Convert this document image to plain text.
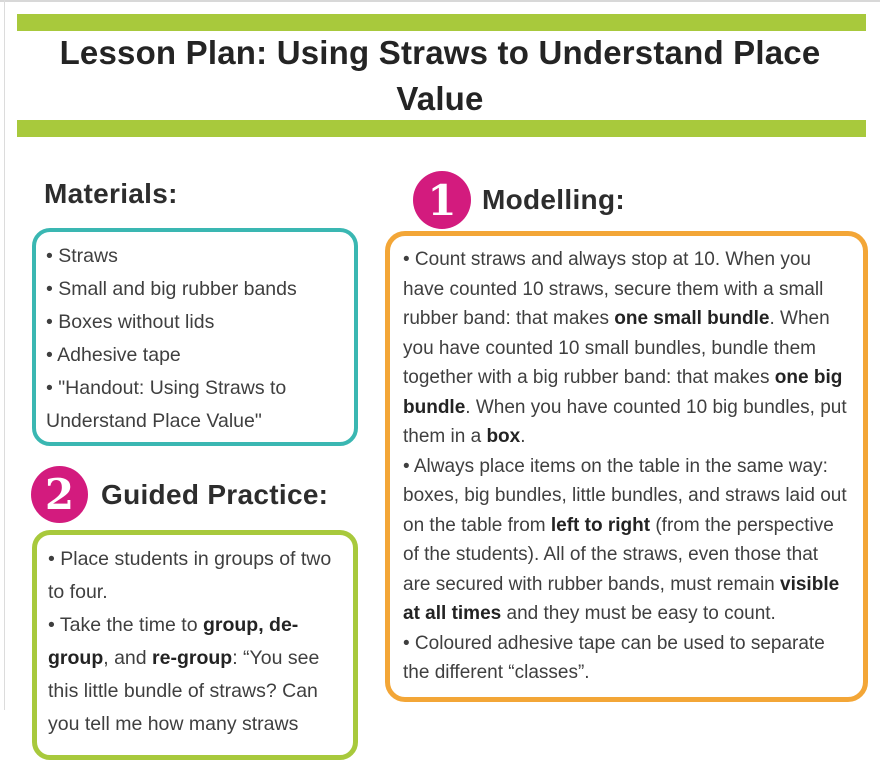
Lesson Plan: Using Straws to Understand Place Value
Materials:
• Straws
• Small and big rubber bands
• Boxes without lids
• Adhesive tape
• "Handout: Using Straws to Understand Place Value"
1 Modelling:

• Count straws and always stop at 10. When you have counted 10 straws, secure them with a small rubber band: that makes one small bundle. When you have counted 10 small bundles, bundle them together with a big rubber band: that makes one big bundle. When you have counted 10 big bundles, put them in a box.

• Always place items on the table in the same way:  boxes, big bundles, little bundles, and straws laid out on the table from left to right (from the perspective of the students). All of the straws, even those that are secured with rubber bands, must remain visible at all times and they must be easy to count.

• Coloured adhesive tape can be used to separate the different “classes”.

2 Guided Practice:

• Place students in groups of two to four.

• Take the time to group, de-group, and re-group: “You see this little bundle of straws? Can you tell me how many straws
